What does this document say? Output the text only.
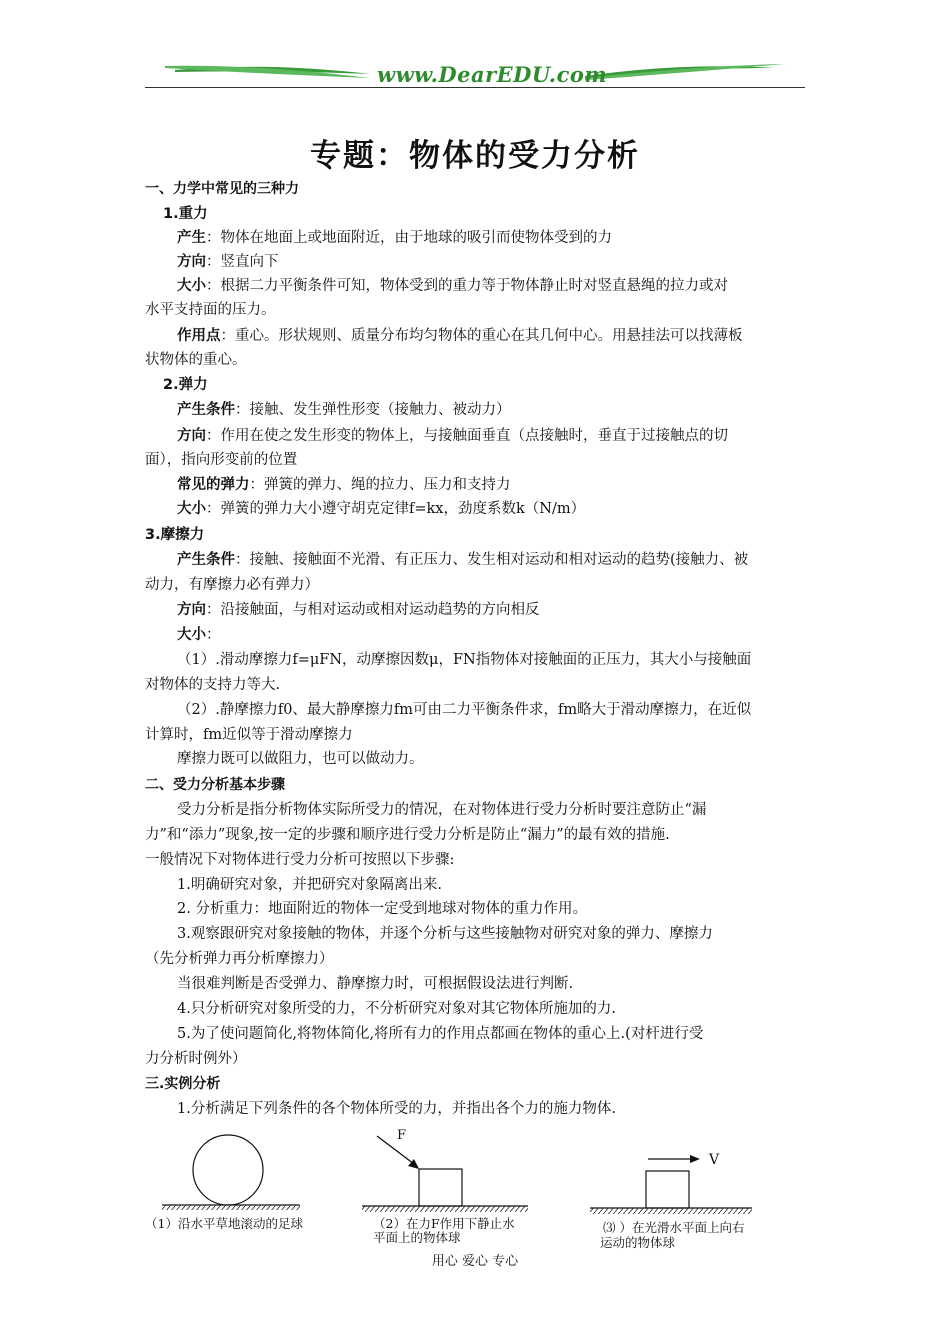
www.DearEDU.com
专题：物体的受力分析
一、力学中常见的三种力
1.重力
产生：物体在地面上或地面附近，由于地球的吸引而使物体受到的力
方向：竖直向下
大小：根据二力平衡条件可知，物体受到的重力等于物体静止时对竖直悬绳的拉力或对
水平支持面的压力。
作用点：重心。形状规则、质量分布均匀物体的重心在其几何中心。用悬挂法可以找薄板
状物体的重心。
2.弹力
产生条件：接触、发生弹性形变（接触力、被动力）
方向：作用在使之发生形变的物体上，与接触面垂直（点接触时，垂直于过接触点的切
面），指向形变前的位置
常见的弹力：弹簧的弹力、绳的拉力、压力和支持力
大小：弹簧的弹力大小遵守胡克定律f=kx，劲度系数k（N/m）
3.摩擦力
产生条件：接触、接触面不光滑、有正压力、发生相对运动和相对运动的趋势(接触力、被
动力，有摩擦力必有弹力）
方向：沿接触面，与相对运动或相对运动趋势的方向相反
大小：
（1）.滑动摩擦力f=μFN，动摩擦因数μ，FN指物体对接触面的正压力，其大小与接触面
对物体的支持力等大.
（2）.静摩擦力f0、最大静摩擦力fm可由二力平衡条件求，fm略大于滑动摩擦力，在近似
计算时，fm近似等于滑动摩擦力
摩擦力既可以做阻力，也可以做动力。
二、受力分析基本步骤
受力分析是指分析物体实际所受力的情况，在对物体进行受力分析时要注意防止“漏
力”和“添力”现象,按一定的步骤和顺序进行受力分析是防止“漏力”的最有效的措施.
一般情况下对物体进行受力分析可按照以下步骤:
1.明确研究对象，并把研究对象隔离出来.
2. 分析重力：地面附近的物体一定受到地球对物体的重力作用。
3.观察跟研究对象接触的物体，并逐个分析与这些接触物对研究对象的弹力、摩擦力
（先分析弹力再分析摩擦力）
当很难判断是否受弹力、静摩擦力时，可根据假设法进行判断.
4.只分析研究对象所受的力，不分析研究对象对其它物体所施加的力.
5.为了使问题简化,将物体简化,将所有力的作用点都画在物体的重心上.(对杆进行受
力分析时例外）
三.实例分析
1.分析满足下列条件的各个物体所受的力，并指出各个力的施力物体.
F
V
（1）沿水平草地滚动的足球	（2）在力F作用下静止水
平面上的物体球
⑶ ）在光滑水平面上向右
运动的物体球
用心 爱心 专心
